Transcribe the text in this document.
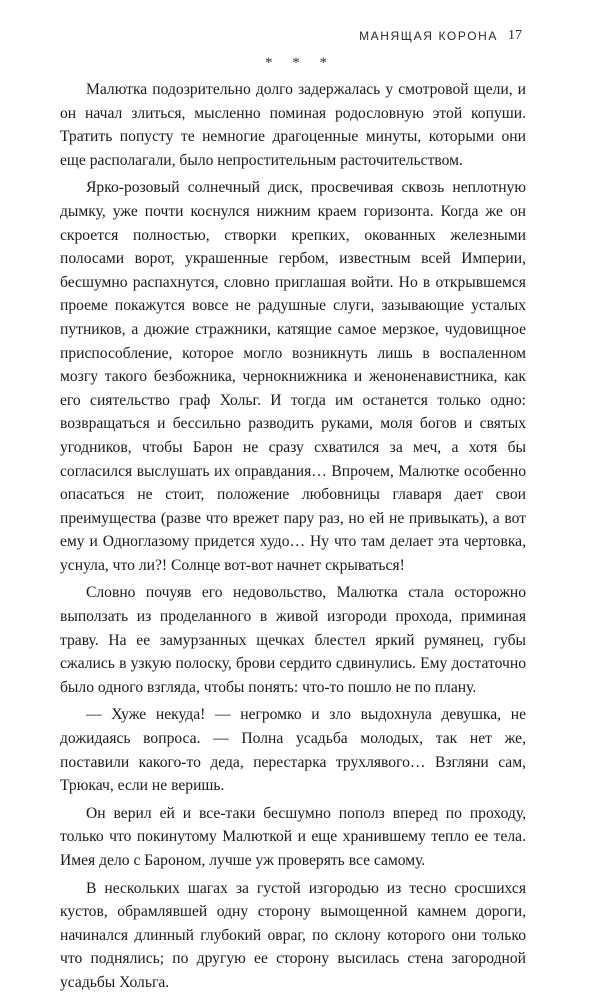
МАНЯЩАЯ КОРОНА 17
* * *

Малютка подозрительно долго задержалась у смотровой щели, и он начал злиться, мысленно поминая родословную этой копуши. Тратить попусту те немногие драгоценные минуты, которыми они еще располагали, было непростительным расточительством.

Ярко-розовый солнечный диск, просвечивая сквозь неплотную дымку, уже почти коснулся нижним краем горизонта. Когда же он скроется полностью, створки крепких, окованных железными полосами ворот, украшенные гербом, известным всей Империи, бесшумно распахнутся, словно приглашая войти. Но в открывшемся проеме покажутся вовсе не радушные слуги, зазывающие усталых путников, а дюжие стражники, катящие самое мерзкое, чудовищное приспособление, которое могло возникнуть лишь в воспаленном мозгу такого безбожника, чернокнижника и женоненавистника, как его сиятельство граф Хольг. И тогда им останется только одно: возвращаться и бессильно разводить руками, моля богов и святых угодников, чтобы Барон не сразу схватился за меч, а хотя бы согласился выслушать их оправдания… Впрочем, Малютке особенно опасаться не стоит, положение любовницы главаря дает свои преимущества (разве что врежет пару раз, но ей не привыкать), а вот ему и Одноглазому придется худо… Ну что там делает эта чертовка, уснула, что ли?! Солнце вот-вот начнет скрываться!

Словно почуяв его недовольство, Малютка стала осторожно выползать из проделанного в живой изгороди прохода, приминая траву. На ее замурзанных щечках блестел яркий румянец, губы сжались в узкую полоску, брови сердито сдвинулись. Ему достаточно было одного взгляда, чтобы понять: что-то пошло не по плану.

— Хуже некуда! — негромко и зло выдохнула девушка, не дожидаясь вопроса. — Полна усадьба молодых, так нет же, поставили какого-то деда, перестарка трухлявого… Взгляни сам, Трюкач, если не веришь.

Он верил ей и все-таки бесшумно пополз вперед по проходу, только что покинутому Малюткой и еще хранившему тепло ее тела. Имея дело с Бароном, лучше уж проверять все самому.

В нескольких шагах за густой изгородью из тесно сросшихся кустов, обрамлявшей одну сторону вымощенной камнем дороги, начинался длинный глубокий овраг, по склону которого они только что поднялись; по другую ее сторону высилась стена загородной усадьбы Хольга.
